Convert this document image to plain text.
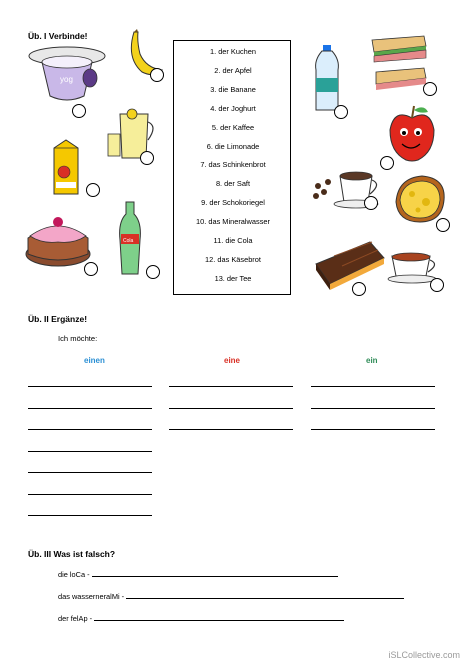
Üb. I Verbinde!
1. der Kuchen
2. der Apfel
3. die Banane
4. der Joghurt
5. der Kaffee
6. die Limonade
7. das Schinkenbrot
8. der Saft
9. der Schokoriegel
10. das Mineralwasser
11. die Cola
12. das Käsebrot
13. der Tee
yog
Cola
Üb. II Ergänze!
Ich möchte:
einen	eine	ein
Üb. III Was ist falsch?
die loCa -
das wasserneralMi -
der felAp -
iSLCollective.com
